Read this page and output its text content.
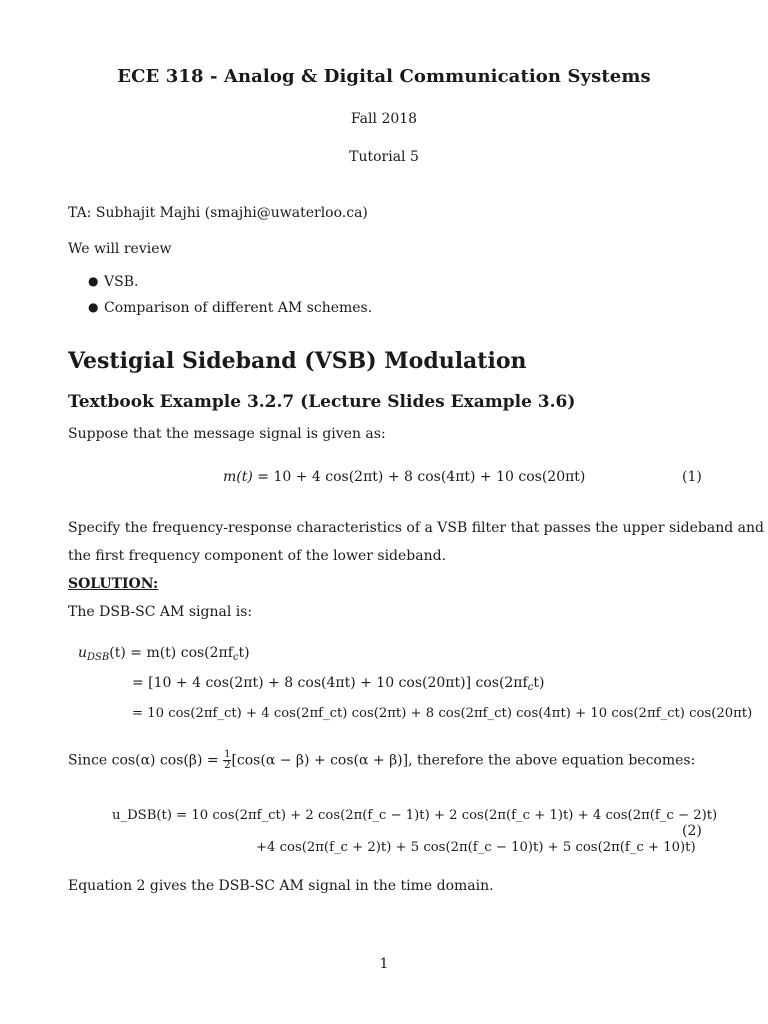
ECE 318 - Analog & Digital Communication Systems
Fall 2018
Tutorial 5
TA: Subhajit Majhi (smajhi@uwaterloo.ca)
We will review
● VSB.
● Comparison of different AM schemes.
Vestigial Sideband (VSB) Modulation
Textbook Example 3.2.7 (Lecture Slides Example 3.6)
Suppose that the message signal is given as:
m(t) = 10 + 4 cos(2πt) + 8 cos(4πt) + 10 cos(20πt)	(1)
Specify the frequency-response characteristics of a VSB filter that passes the upper sideband and
the first frequency component of the lower sideband.
SOLUTION:
The DSB-SC AM signal is:
$u_{DSB}(t) = m(t)$ $\cos(2\pi f_ct)$
= [10 + 4 cos(2πt) + 8 cos(4πt) + 10 cos(20πt)] $\cos(2\pi f_ct)$
= 10 cos(2πf_ct) + 4 cos(2πf_ct) cos(2πt) + 8 cos(2πf_ct) cos(4πt) + 10 cos(2πf_ct) cos(20πt)
Since cos(α) $\cos(\beta) = \frac{1}{2} [\cos(\alpha - \beta) + \cos(\alpha + \beta)]$, therefore the above equation becomes:
u_DSB(t) = 10 cos(2πf_ct) + 2 cos(2π(f_c − 1)t) + 2 cos(2π(f_c + 1)t) + 4 cos(2π(f_c − 2)t)
+4 cos(2π(f_c + 2)t) + 5 cos(2π(f_c − 10)t) + 5 cos(2π(f_c + 10)t)
(2)
Equation 2 gives the DSB-SC AM signal in the time domain.
1
